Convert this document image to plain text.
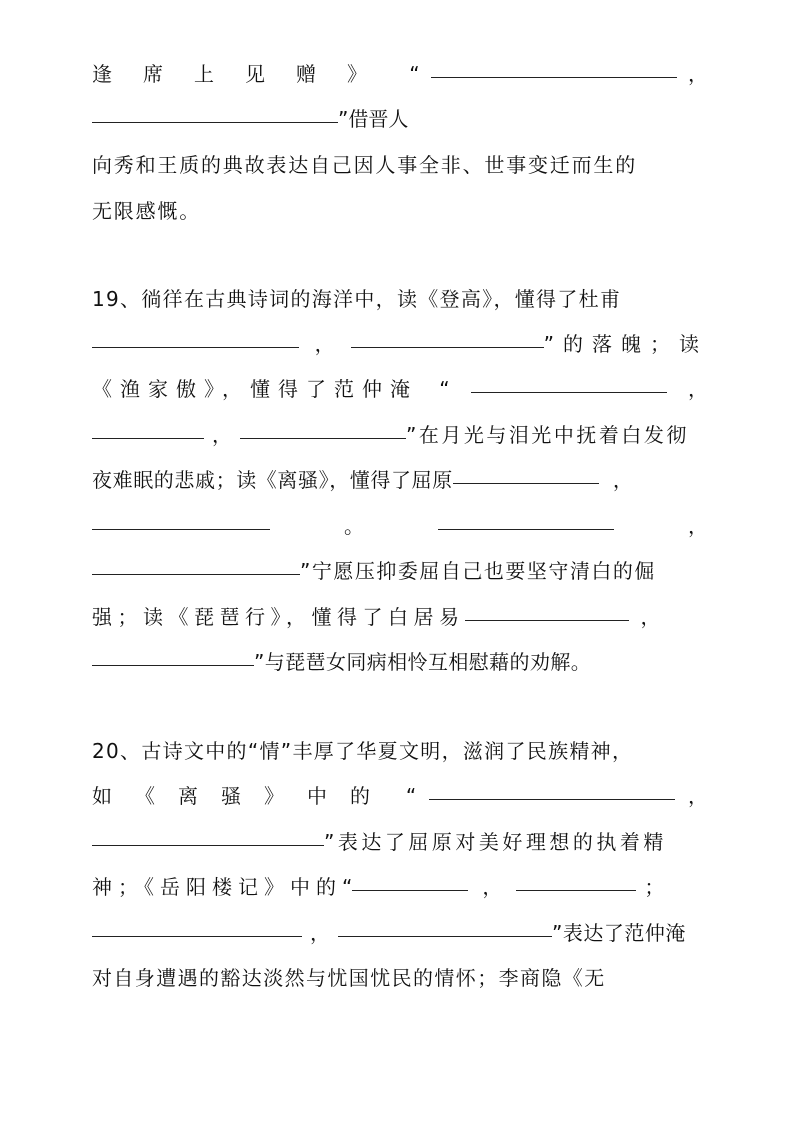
逢席上见赠》 “	，
”借晋人
向秀和王质的典故表达自己因人事全非、世事变迁而生的
无限感慨。
19、徜徉在古典诗词的海洋中，读《登高》，懂得了杜甫
，	”的落魄；读
《渔家傲》，懂得了范仲淹 “	，
，	”在月光与泪光中抚着白发彻
夜难眠的悲戚；读《离骚》，懂得了屈原	，
。	，
”宁愿压抑委屈自己也要坚守清白的倔
强；读《琵琶行》，懂得了白居易	，
”与琵琶女同病相怜互相慰藉的劝解。
20、古诗文中的“情”丰厚了华夏文明，滋润了民族精神，
如《离骚》中的 “	，
”表达了屈原对美好理想的执着精
神；《岳阳楼记》中的 “	，	；
，	”表达了范仲淹
对自身遭遇的豁达淡然与忧国忧民的情怀；李商隐《无
